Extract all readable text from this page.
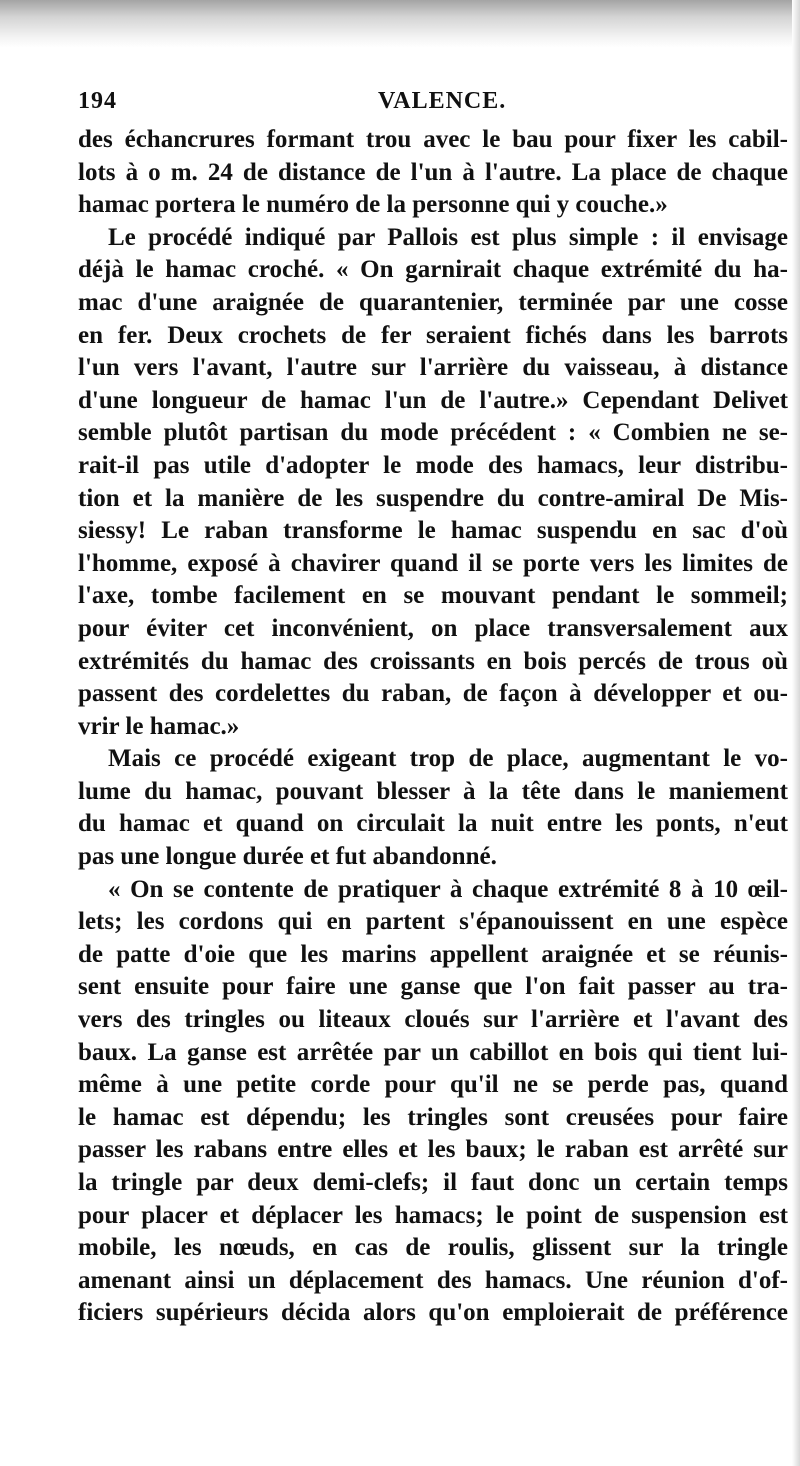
194	VALENCE.
des échancrures formant trou avec le bau pour fixer les cabil-
lots à o m. 24 de distance de l'un à l'autre. La place de chaque
hamac portera le numéro de la personne qui y couche.»
Le procédé indiqué par Pallois est plus simple : il envisage
déjà le hamac croché. « On garnirait chaque extrémité du ha-
mac d'une araignée de quarantenier, terminée par une cosse
en fer. Deux crochets de fer seraient fichés dans les barrots
l'un vers l'avant, l'autre sur l'arrière du vaisseau, à distance
d'une longueur de hamac l'un de l'autre.» Cependant Delivet
semble plutôt partisan du mode précédent : « Combien ne se-
rait-il pas utile d'adopter le mode des hamacs, leur distribu-
tion et la manière de les suspendre du contre-amiral De Mis-
siessy! Le raban transforme le hamac suspendu en sac d'où
l'homme, exposé à chavirer quand il se porte vers les limites de
l'axe, tombe facilement en se mouvant pendant le sommeil;
pour éviter cet inconvénient, on place transversalement aux
extrémités du hamac des croissants en bois percés de trous où
passent des cordelettes du raban, de façon à développer et ou-
vrir le hamac.»
Mais ce procédé exigeant trop de place, augmentant le vo-
lume du hamac, pouvant blesser à la tête dans le maniement
du hamac et quand on circulait la nuit entre les ponts, n'eut
pas une longue durée et fut abandonné.
« On se contente de pratiquer à chaque extrémité 8 à 10 œil-
lets; les cordons qui en partent s'épanouissent en une espèce
de patte d'oie que les marins appellent araignée et se réunis-
sent ensuite pour faire une ganse que l'on fait passer au tra-
vers des tringles ou liteaux cloués sur l'arrière et l'avant des
baux. La ganse est arrêtée par un cabillot en bois qui tient lui-
même à une petite corde pour qu'il ne se perde pas, quand
le hamac est dépendu; les tringles sont creusées pour faire
passer les rabans entre elles et les baux; le raban est arrêté sur
la tringle par deux demi-clefs; il faut donc un certain temps
pour placer et déplacer les hamacs; le point de suspension est
mobile, les nœuds, en cas de roulis, glissent sur la tringle
amenant ainsi un déplacement des hamacs. Une réunion d'of-
ficiers supérieurs décida alors qu'on emploierait de préférence
